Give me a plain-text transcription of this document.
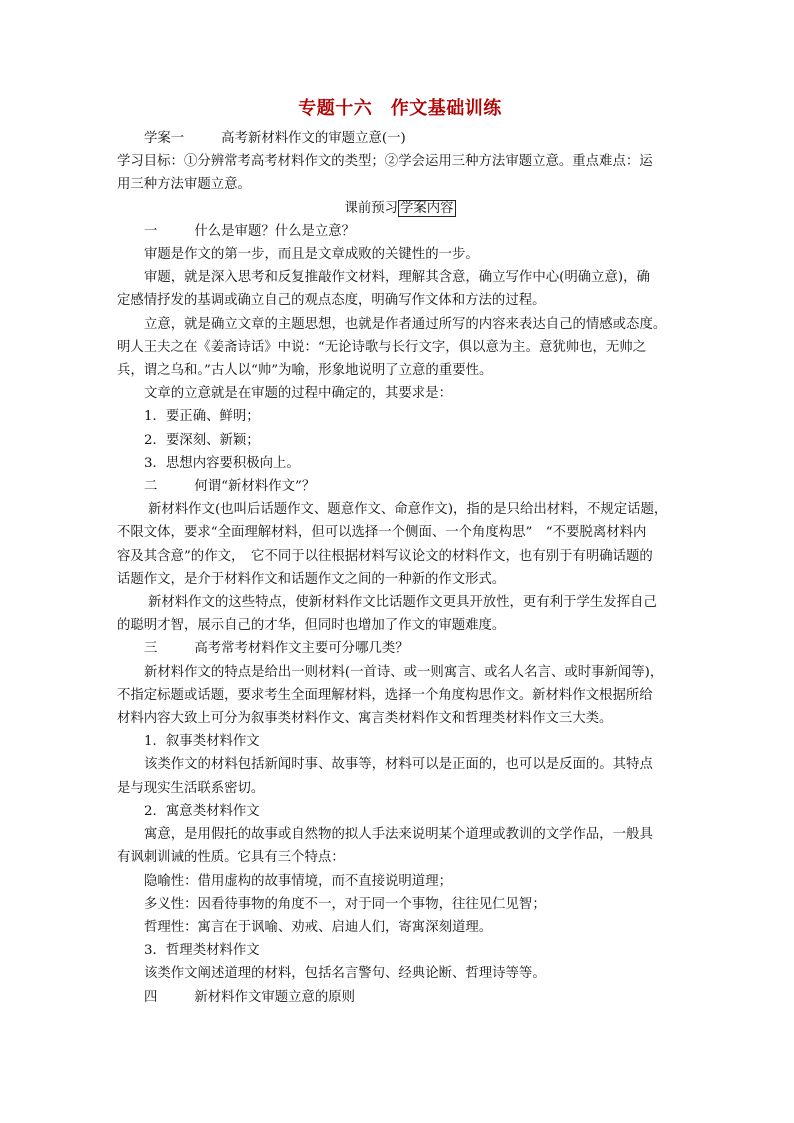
专题十六　作文基础训练

学案一	高考新材料作文的审题立意(一)

学习目标：①分辨常考高考材料作文的类型；②学会运用三种方法审题立意。重点难点：运

用三种方法审题立意。

课前预习 学案内容

一	什么是审题？什么是立意？

审题是作文的第一步，而且是文章成败的关键性的一步。

审题，就是深入思考和反复推敲作文材料，理解其含意，确立写作中心(明确立意)，确

定感情抒发的基调或确立自己的观点态度，明确写作文体和方法的过程。

立意，就是确立文章的主题思想，也就是作者通过所写的内容来表达自己的情感或态度。

明人王夫之在《姜斋诗话》中说：“无论诗歌与长行文字，俱以意为主。意犹帅也，无帅之

兵，谓之乌和。”古人以“帅”为喻，形象地说明了立意的重要性。

文章的立意就是在审题的过程中确定的，其要求是：

1．要正确、鲜明；

2．要深刻、新颖；

3．思想内容要积极向上。

二	何谓“新材料作文”？

新材料作文(也叫后话题作文、题意作文、命意作文)，指的是只给出材料，不规定话题，

不限文体，要求“全面理解材料，但可以选择一个侧面、一个角度构思”　“不要脱离材料内

容及其含意”的作文，　它不同于以往根据材料写议论文的材料作文，也有别于有明确话题的

话题作文，是介于材料作文和话题作文之间的一种新的作文形式。

新材料作文的这些特点，使新材料作文比话题作文更具开放性，更有利于学生发挥自己

的聪明才智，展示自己的才华，但同时也增加了作文的审题难度。

三	高考常考材料作文主要可分哪几类？

新材料作文的特点是给出一则材料(一首诗、或一则寓言、或名人名言、或时事新闻等)，

不指定标题或话题，要求考生全面理解材料，选择一个角度构思作文。新材料作文根据所给

材料内容大致上可分为叙事类材料作文、寓言类材料作文和哲理类材料作文三大类。

1．叙事类材料作文

该类作文的材料包括新闻时事、故事等，材料可以是正面的，也可以是反面的。其特点

是与现实生活联系密切。

2．寓意类材料作文

寓意，是用假托的故事或自然物的拟人手法来说明某个道理或教训的文学作品，一般具

有讽刺训诫的性质。它具有三个特点：

隐喻性：借用虚构的故事情境，而不直接说明道理；

多义性：因看待事物的角度不一，对于同一个事物，往往见仁见智；

哲理性：寓言在于讽喻、劝戒、启迪人们，寄寓深刻道理。

3．哲理类材料作文

该类作文阐述道理的材料，包括名言警句、经典论断、哲理诗等等。

四	新材料作文审题立意的原则
